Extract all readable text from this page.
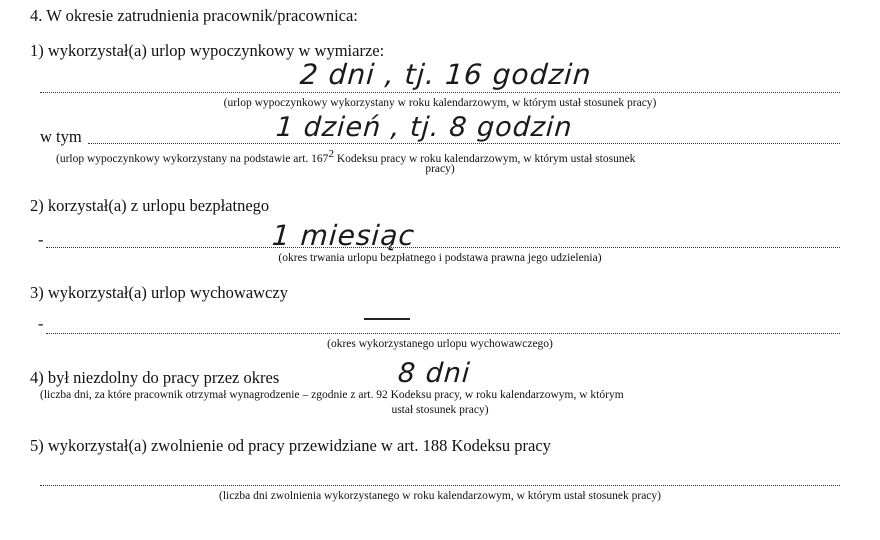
4. W okresie zatrudnienia pracownik/pracownica:
1) wykorzystał(a) urlop wypoczynkowy w wymiarze:
2 dni , tj. 16 godzin
(urlop wypoczynkowy wykorzystany w roku kalendarzowym, w którym ustał stosunek pracy)
w tym	1 dzień , tj. 8 godzin
(urlop wypoczynkowy wykorzystany na podstawie art. $167^2$ Kodeksu pracy w roku kalendarzowym, w którym ustał stosunek
pracy)
2) korzystał(a) z urlopu bezpłatnego
-	1 miesiąc
(okres trwania urlopu bezpłatnego i podstawa prawna jego udzielenia)
3) wykorzystał(a) urlop wychowawczy
-
(okres wykorzystanego urlopu wychowawczego)
4) był niezdolny do pracy przez okres	8 dni
(liczba dni, za które pracownik otrzymał wynagrodzenie – zgodnie z art. 92 Kodeksu pracy, w roku kalendarzowym, w którym
ustał stosunek pracy)
5) wykorzystał(a) zwolnienie od pracy przewidziane w art. 188 Kodeksu pracy
(liczba dni zwolnienia wykorzystanego w roku kalendarzowym, w którym ustał stosunek pracy)
